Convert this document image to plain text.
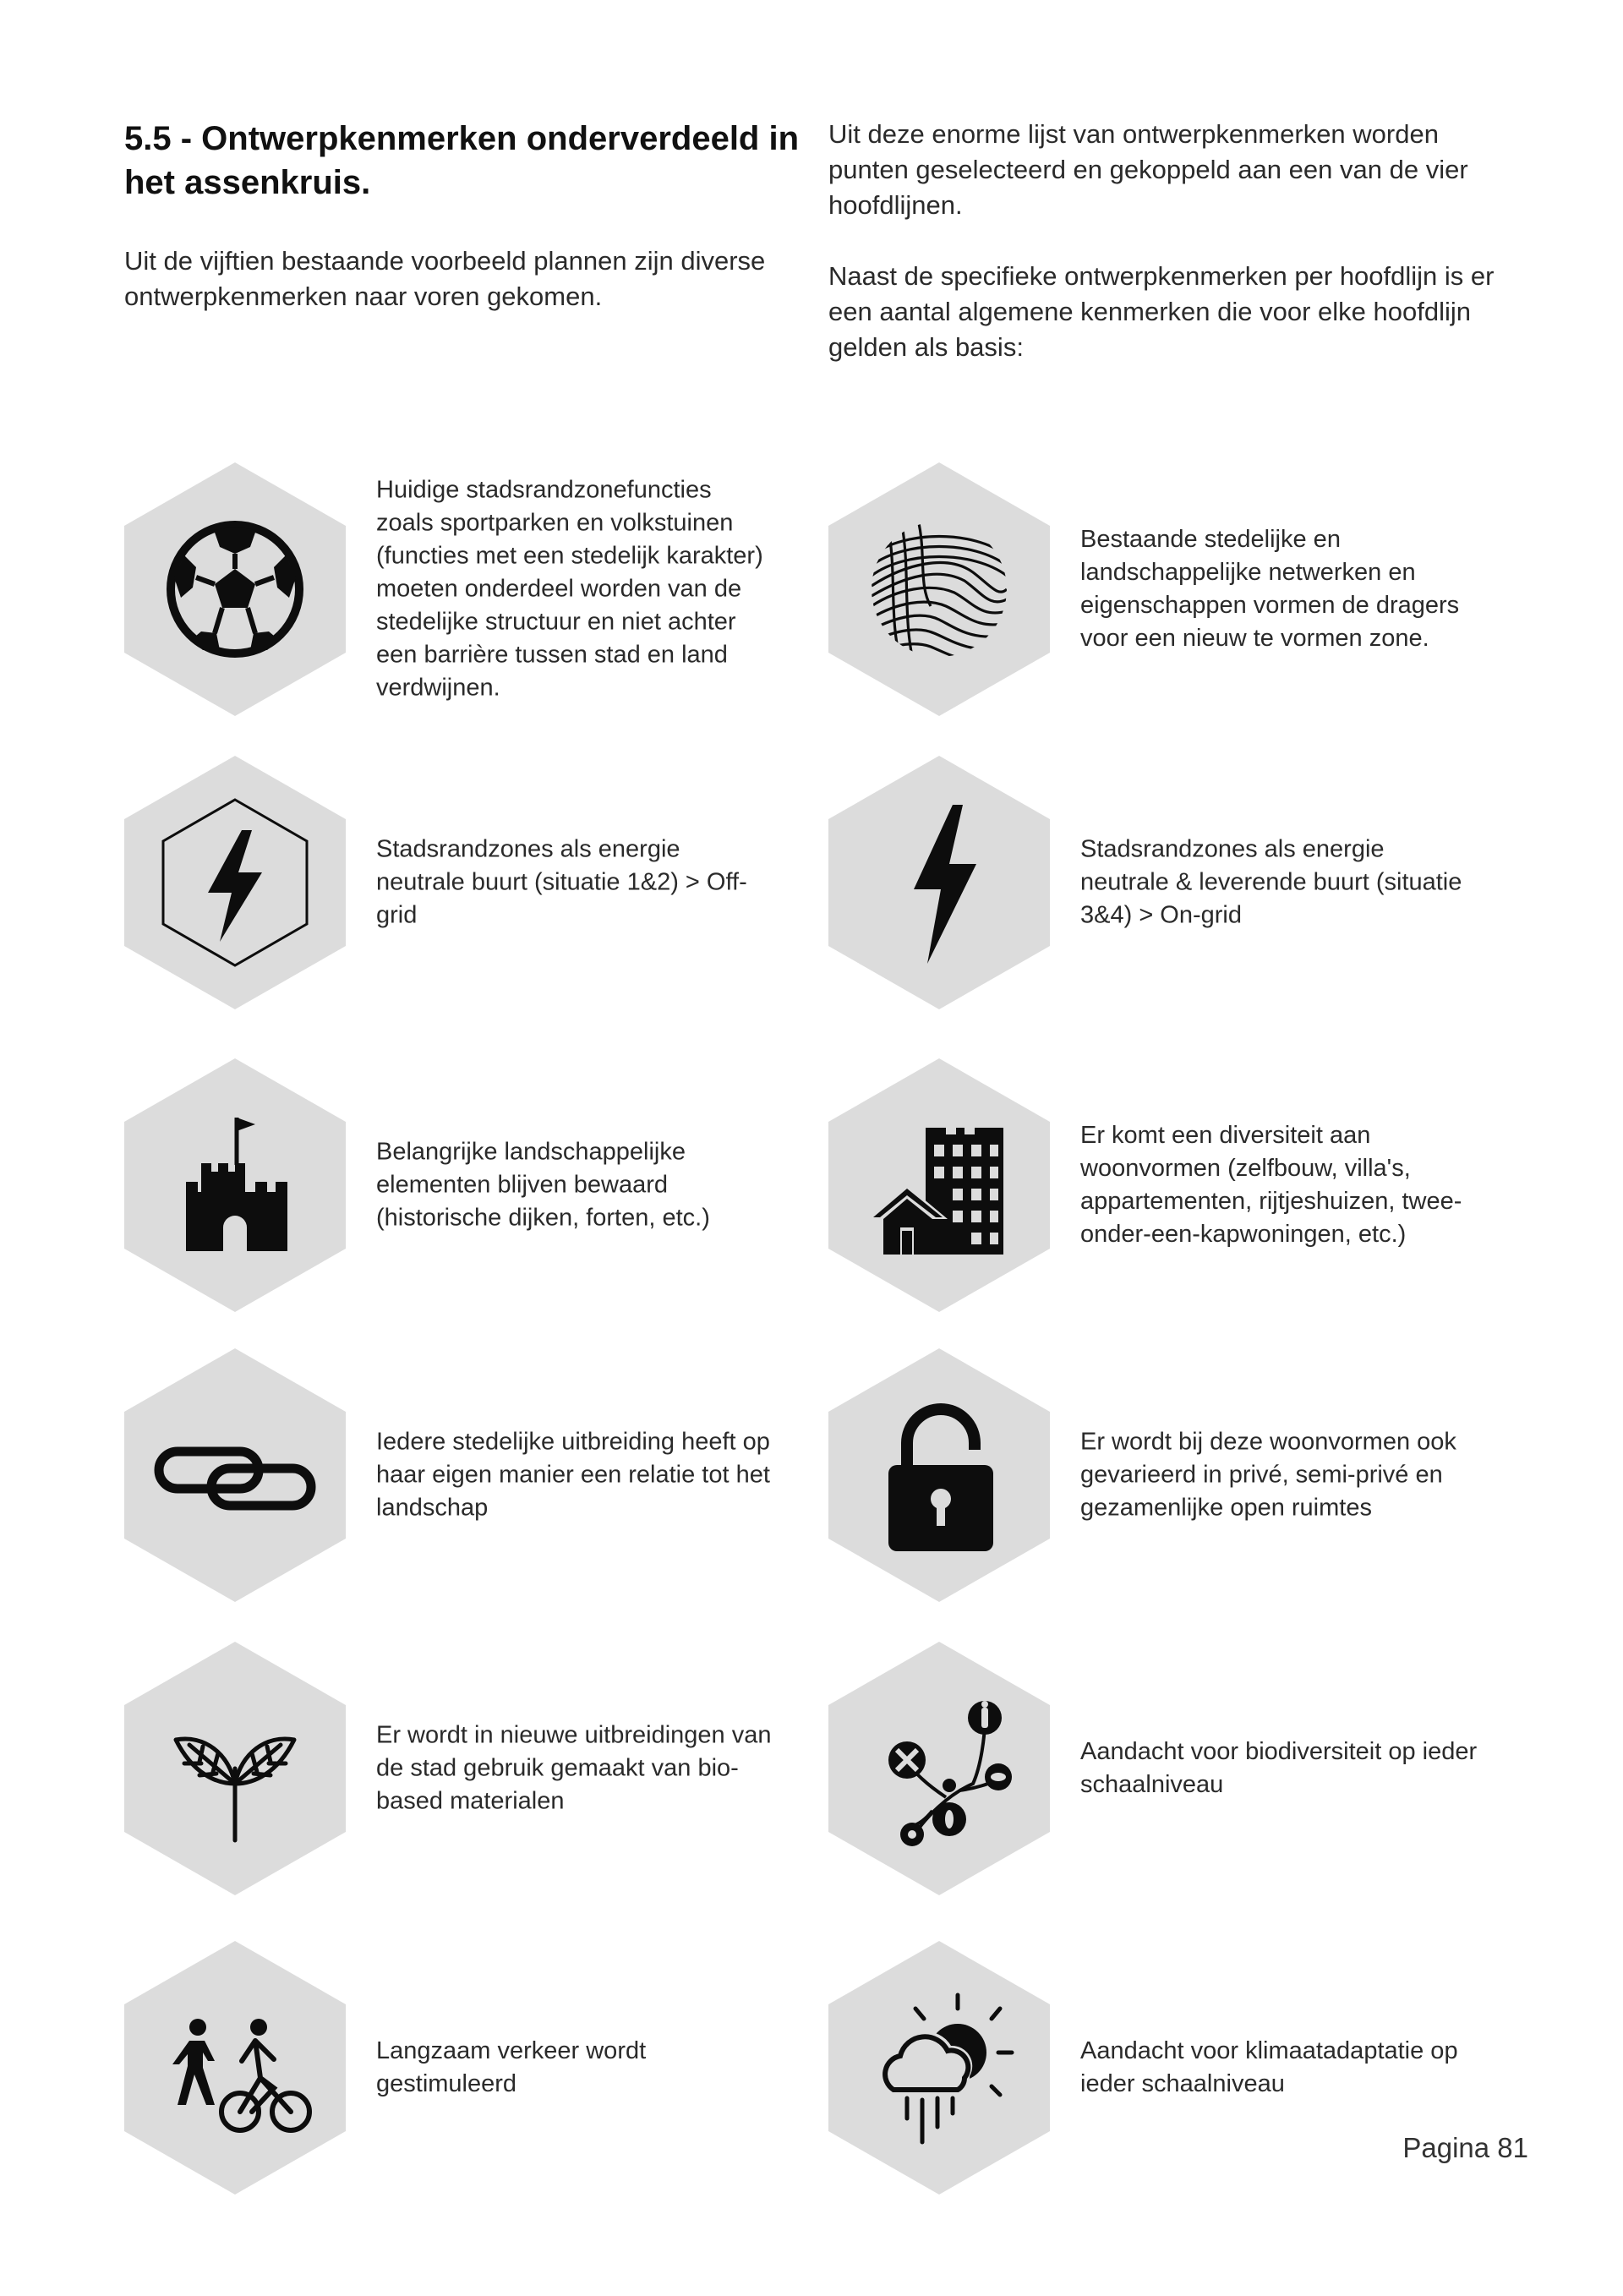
5.5 - Ontwerpkenmerken onderverdeeld in het assenkruis.

Uit de vijftien bestaande voorbeeld plannen zijn diverse ontwerpkenmerken naar voren gekomen.

Uit deze enorme lijst van ontwerpkenmerken worden punten geselecteerd en gekoppeld aan een van de vier hoofdlijnen.

Naast de specifieke ontwerpkenmerken per hoofdlijn is er een aantal algemene kenmerken die voor elke hoofdlijn gelden als basis:

Huidige stadsrandzonefuncties zoals sportparken en volkstuinen (functies met een stedelijk karakter) moeten onderdeel worden van de stedelijke structuur en niet achter een barrière tussen stad en land verdwijnen.
Stadsrandzones als energie neutrale buurt (situatie 1&2) > Off-grid
Belangrijke landschappelijke elementen blijven bewaard (historische dijken, forten, etc.)
Iedere stedelijke uitbreiding heeft op haar eigen manier een relatie tot het landschap
Er wordt in nieuwe uitbreidingen van de stad gebruik gemaakt van bio-based materialen
Langzaam verkeer wordt gestimuleerd
Bestaande stedelijke en landschappelijke netwerken en eigenschappen vormen de dragers voor een nieuw te vormen zone.
Stadsrandzones als energie neutrale & leverende buurt (situatie 3&4) > On-grid
Er komt een diversiteit aan woonvormen (zelfbouw, villa's, appartementen, rijtjeshuizen, twee-onder-een-kapwoningen, etc.)
Er wordt bij deze woonvormen ook gevarieerd in privé, semi-privé en gezamenlijke open ruimtes
Aandacht voor biodiversiteit op ieder schaalniveau
Aandacht voor klimaatadaptatie op ieder schaalniveau
Pagina 81
